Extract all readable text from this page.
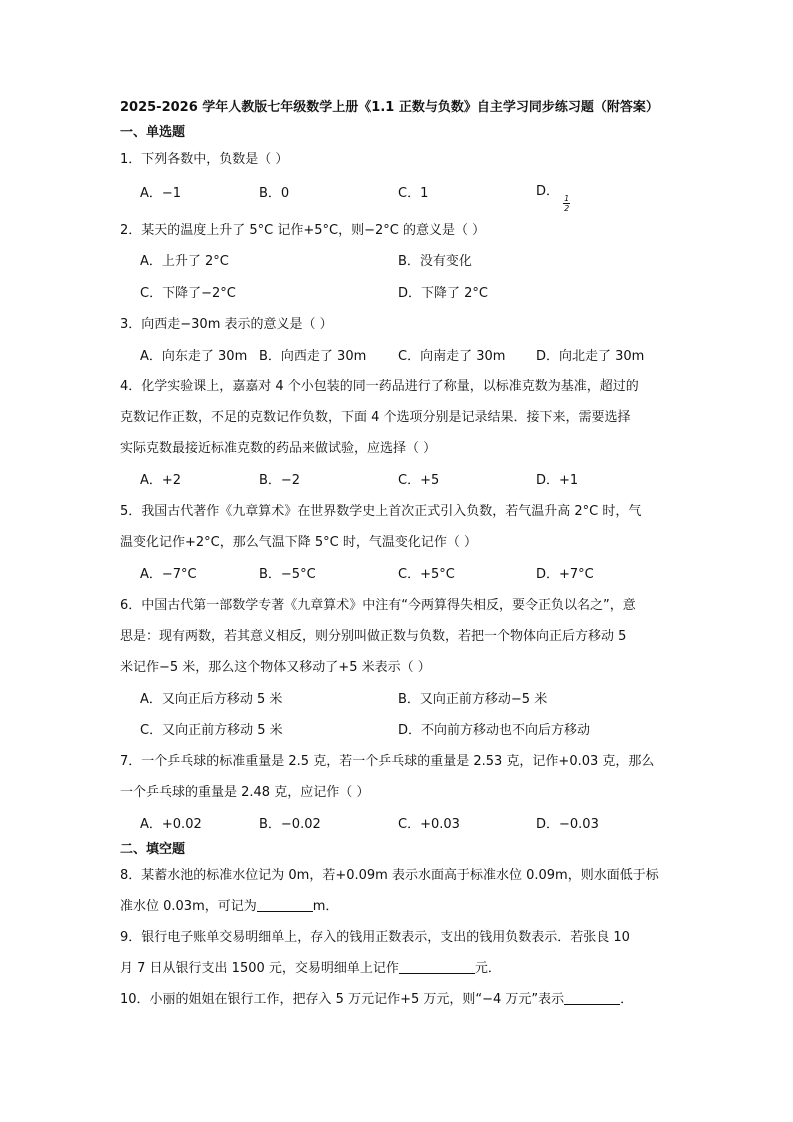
2025-2026 学年人教版七年级数学上册《1.1 正数与负数》自主学习同步练习题（附答案）
一、单选题
1．下列各数中，负数是（ ）
A．−1	B．0	C．1	D．
$\frac{1}{2}$
2．某天的温度上升了 5°C 记作+5°C，则−2°C 的意义是（ ）
A．上升了 2°C	B．没有变化
C．下降了−2°C	D．下降了 2°C
3．向西走−30m 表示的意义是（ ）
A．向东走了 30m B．向西走了 30m C．向南走了 30m D．向北走了 30m
4．化学实验课上，嘉嘉对 4 个小包装的同一药品进行了称量，以标准克数为基准，超过的
克数记作正数，不足的克数记作负数，下面 4 个选项分别是记录结果．接下来，需要选择
实际克数最接近标准克数的药品来做试验，应选择（ ）
A．+2	B．−2	C．+5	D．+1
5．我国古代著作《九章算术》在世界数学史上首次正式引入负数，若气温升高 2°C 时，气
温变化记作+2°C，那么气温下降 5°C 时，气温变化记作（ ）
A．−7°C	B．−5°C	C．+5°C	D．+7°C
6．中国古代第一部数学专著《九章算术》中注有“今两算得失相反，要令正负以名之”，意
思是：现有两数，若其意义相反，则分别叫做正数与负数，若把一个物体向正后方移动 5
米记作−5 米，那么这个物体又移动了+5 米表示（ ）
A．又向正后方移动 5 米	B．又向正前方移动−5 米
C．又向正前方移动 5 米	D．不向前方移动也不向后方移动
7．一个乒乓球的标准重量是 2.5 克，若一个乒乓球的重量是 2.53 克，记作+0.03 克，那么
一个乒乓球的重量是 2.48 克，应记作（ ）
A．+0.02	B．−0.02	C．+0.03	D．−0.03
二、填空题
8．某蓄水池的标准水位记为 0m，若+0.09m 表示水面高于标准水位 0.09m，则水面低于标
准水位 0.03m，可记为	m．
9．银行电子账单交易明细单上，存入的钱用正数表示，支出的钱用负数表示．若张良 10
月 7 日从银行支出 1500 元，交易明细单上记作	元．
10．小丽的姐姐在银行工作，把存入 5 万元记作+5 万元，则“−4 万元”表示	．
